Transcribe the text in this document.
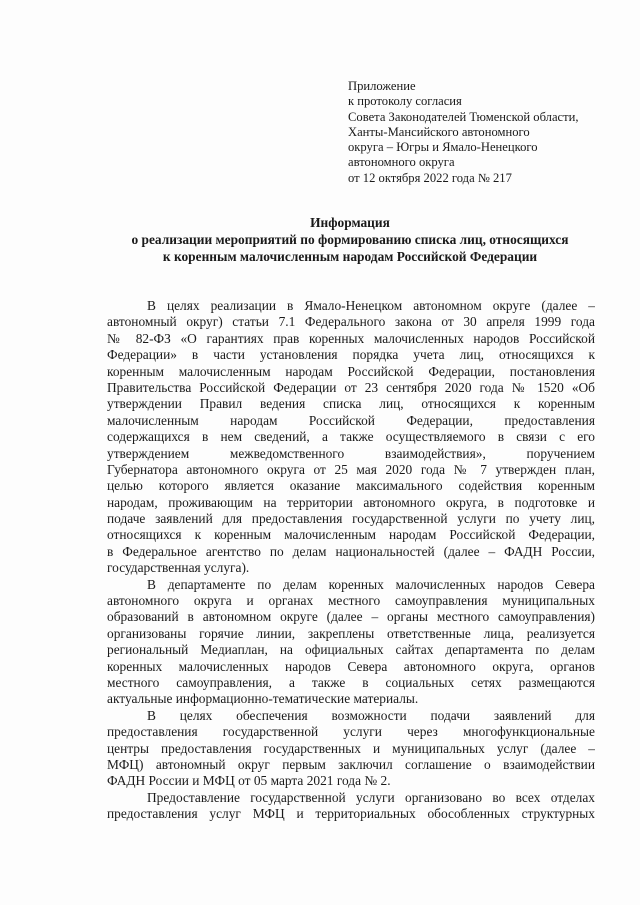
Приложение
к протоколу согласия
Совета Законодателей Тюменской области,
Ханты-Мансийского автономного
округа – Югры и Ямало-Ненецкого
автономного округа
от 12 октября 2022 года № 217
Информация
о реализации мероприятий по формированию списка лиц, относящихся
к коренным малочисленным народам Российской Федерации

В целях реализации в Ямало-Ненецком автономном округе (далее –
автономный округ) статьи 7.1 Федерального закона от 30 апреля 1999 года
№ 82-ФЗ «О гарантиях прав коренных малочисленных народов Российской
Федерации» в части установления порядка учета лиц, относящихся к
коренным малочисленным народам Российской Федерации, постановления
Правительства Российской Федерации от 23 сентября 2020 года № 1520 «Об
утверждении Правил ведения списка лиц, относящихся к коренным
малочисленным народам Российской Федерации, предоставления
содержащихся в нем сведений, а также осуществляемого в связи с его
утверждением межведомственного взаимодействия», поручением
Губернатора автономного округа от 25 мая 2020 года № 7 утвержден план,
целью которого является оказание максимального содействия коренным
народам, проживающим на территории автономного округа, в подготовке и
подаче заявлений для предоставления государственной услуги по учету лиц,
относящихся к коренным малочисленным народам Российской Федерации,
в Федеральное агентство по делам национальностей (далее – ФАДН России,
государственная услуга).

В департаменте по делам коренных малочисленных народов Севера
автономного округа и органах местного самоуправления муниципальных
образований в автономном округе (далее – органы местного самоуправления)
организованы горячие линии, закреплены ответственные лица, реализуется
региональный Медиаплан, на официальных сайтах департамента по делам
коренных малочисленных народов Севера автономного округа, органов
местного самоуправления, а также в социальных сетях размещаются
актуальные информационно-тематические материалы.

В целях обеспечения возможности подачи заявлений для
предоставления государственной услуги через многофункциональные
центры предоставления государственных и муниципальных услуг (далее –
МФЦ) автономный округ первым заключил соглашение о взаимодействии
ФАДН России и МФЦ от 05 марта 2021 года № 2.

Предоставление государственной услуги организовано во всех отделах
предоставления услуг МФЦ и территориальных обособленных структурных
